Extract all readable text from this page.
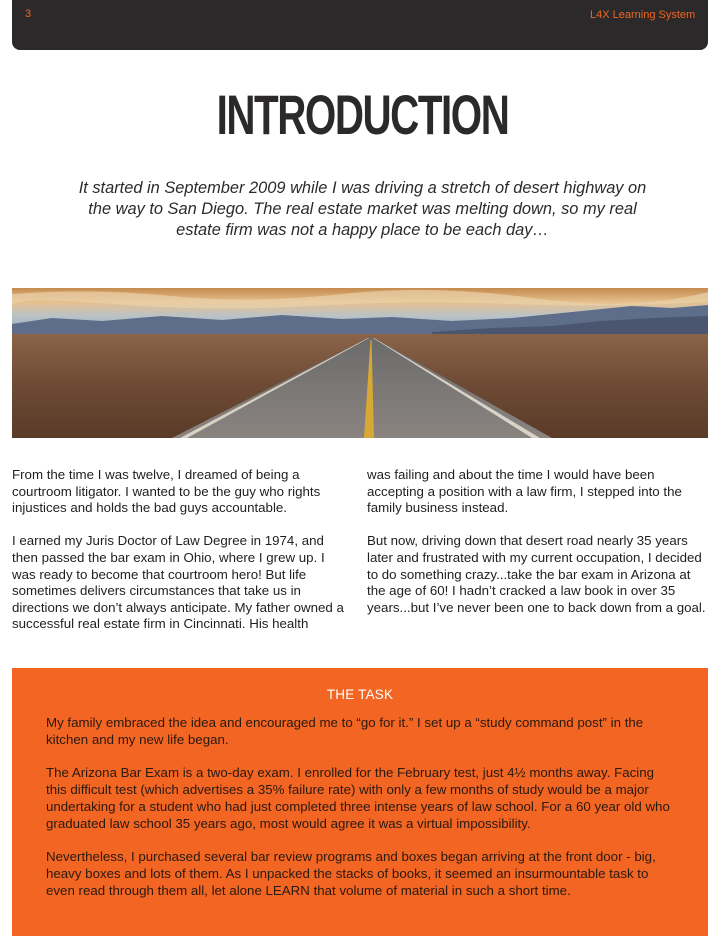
3	L4X Learning System
INTRODUCTION
It started in September 2009 while I was driving a stretch of desert highway on the way to San Diego. The real estate market was melting down, so my real estate firm was not a happy place to be each day…

From the time I was twelve, I dreamed of being a courtroom litigator. I wanted to be the guy who rights injustices and holds the bad guys accountable.

I earned my Juris Doctor of Law Degree in 1974, and then passed the bar exam in Ohio, where I grew up. I was ready to become that courtroom hero! But life sometimes delivers circumstances that take us in directions we don’t always anticipate. My father owned a successful real estate firm in Cincinnati. His health

was failing and about the time I would have been accepting a position with a law firm, I stepped into the family business instead.

But now, driving down that desert road nearly 35 years later and frustrated with my current occupation, I decided to do something crazy...take the bar exam in Arizona at the age of 60! I hadn’t cracked a law book in over 35 years...but I’ve never been one to back down from a goal.

THE TASK

My family embraced the idea and encouraged me to “go for it.” I set up a “study command post” in the kitchen and my new life began.

The Arizona Bar Exam is a two-day exam. I enrolled for the February test, just 4½ months away. Facing this difficult test (which advertises a 35% failure rate) with only a few months of study would be a major undertaking for a student who had just completed three intense years of law school. For a 60 year old who graduated law school 35 years ago, most would agree it was a virtual impossibility.

Nevertheless, I purchased several bar review programs and boxes began arriving at the front door - big, heavy boxes and lots of them. As I unpacked the stacks of books, it seemed an insurmountable task to even read through them all, let alone LEARN that volume of material in such a short time.
